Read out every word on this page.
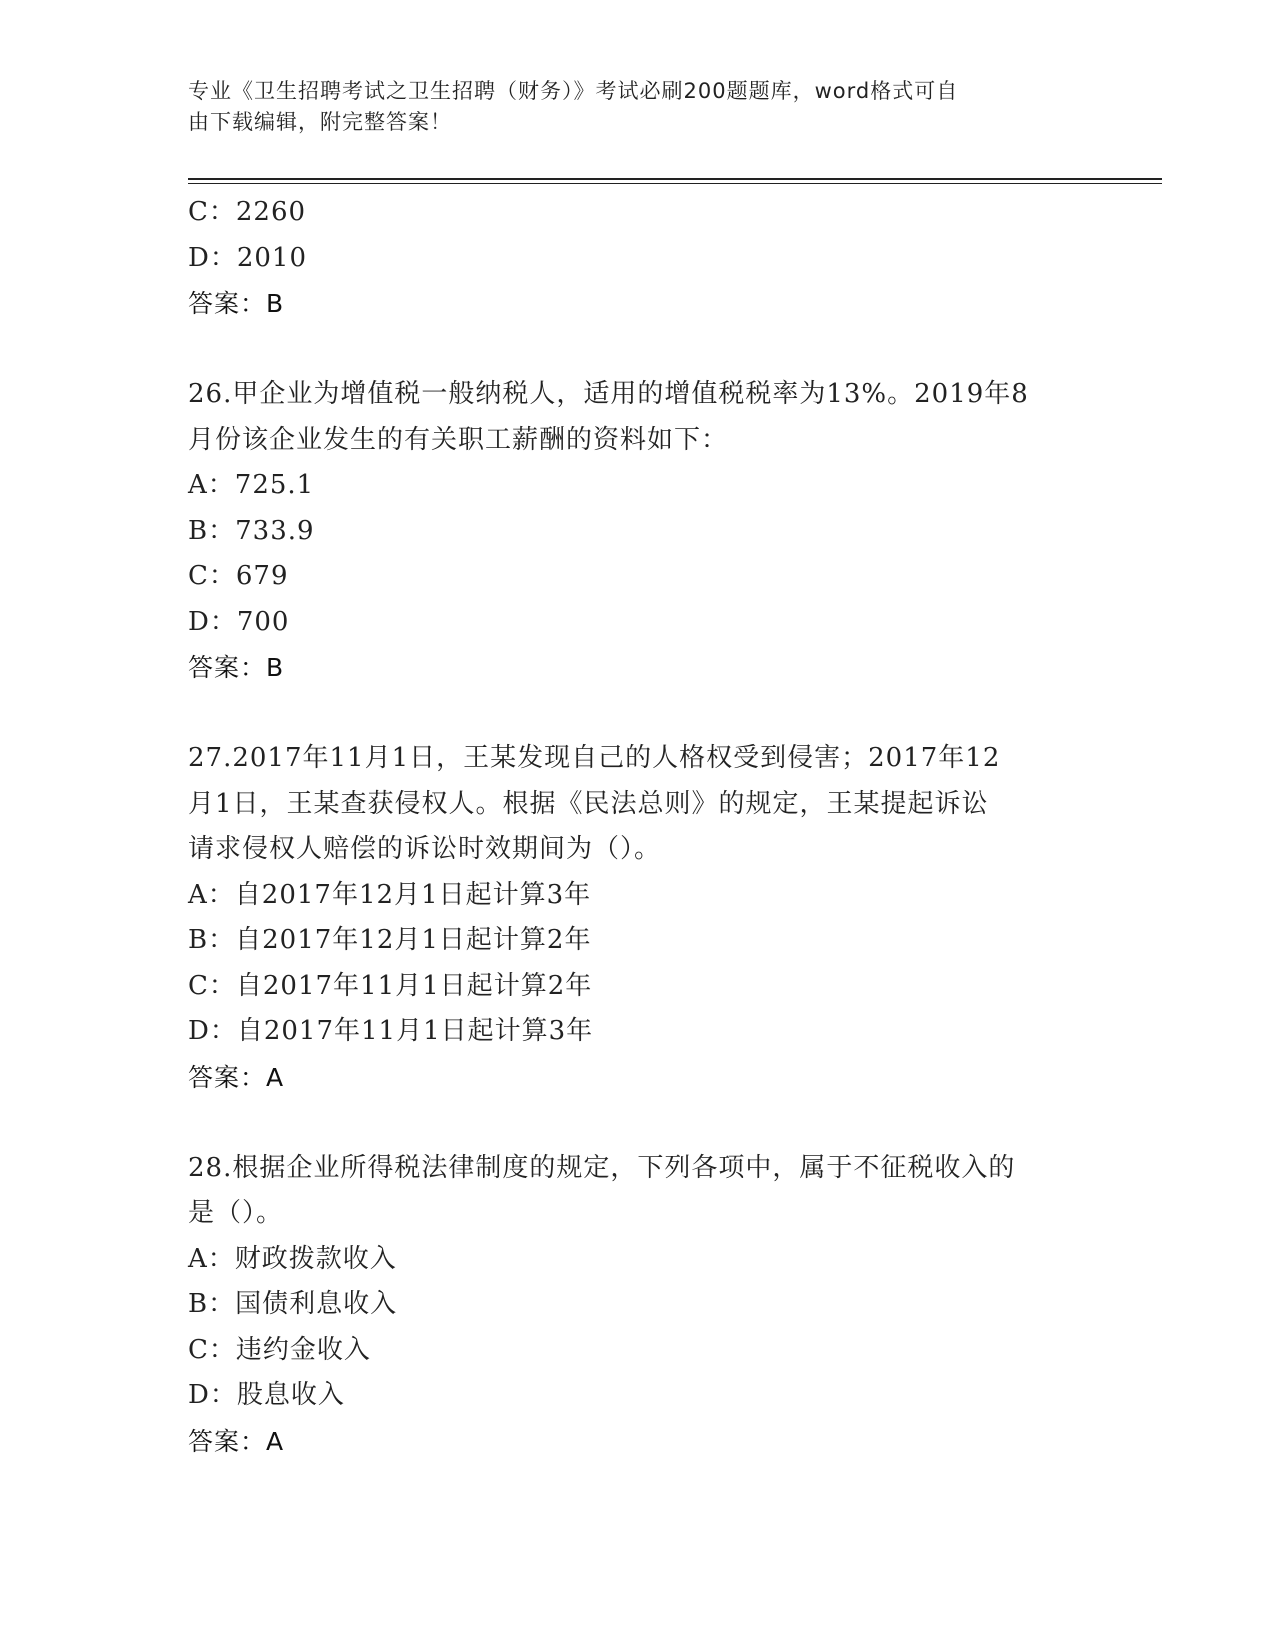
专业《卫生招聘考试之卫生招聘（财务）》考试必刷200题题库，word格式可自
由下载编辑，附完整答案！
C：2260
D：2010
答案：B
26.甲企业为增值税一般纳税人，适用的增值税税率为13%。2019年8
月份该企业发生的有关职工薪酬的资料如下：
A：725.1
B：733.9
C：679
D：700
答案：B
27.2017年11月1日，王某发现自己的人格权受到侵害；2017年12
月1日，王某查获侵权人。根据《民法总则》的规定，王某提起诉讼
请求侵权人赔偿的诉讼时效期间为（）。
A：自2017年12月1日起计算3年
B：自2017年12月1日起计算2年
C：自2017年11月1日起计算2年
D：自2017年11月1日起计算3年
答案：A
28.根据企业所得税法律制度的规定，下列各项中，属于不征税收入的
是（）。
A：财政拨款收入
B：国债利息收入
C：违约金收入
D：股息收入
答案：A
